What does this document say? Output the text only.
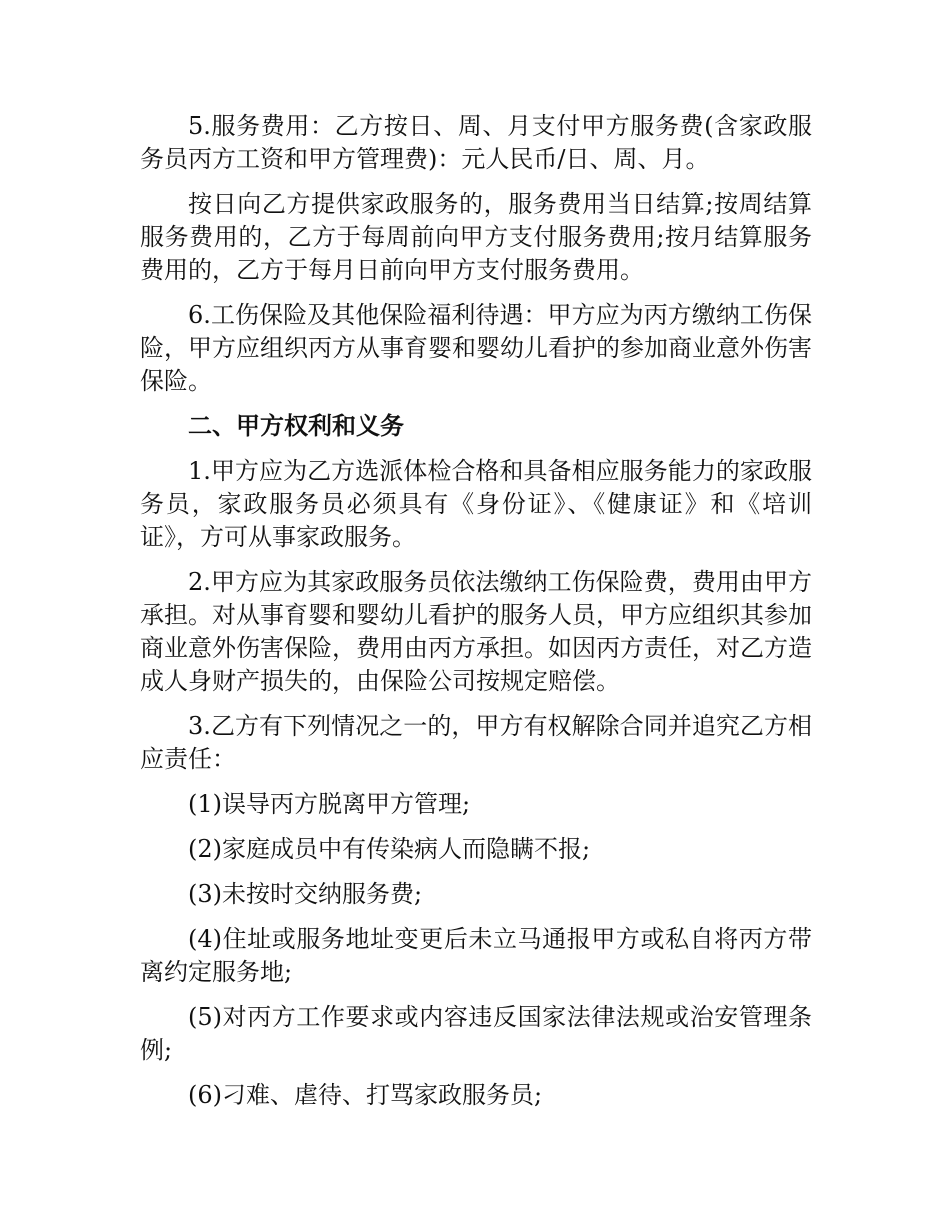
5.服务费用：乙方按日、周、月支付甲方服务费(含家政服务员丙方工资和甲方管理费)：元人民币/日、周、月。

按日向乙方提供家政服务的，服务费用当日结算;按周结算服务费用的，乙方于每周前向甲方支付服务费用;按月结算服务费用的，乙方于每月日前向甲方支付服务费用。

6.工伤保险及其他保险福利待遇：甲方应为丙方缴纳工伤保险，甲方应组织丙方从事育婴和婴幼儿看护的参加商业意外伤害保险。

二、甲方权利和义务

1.甲方应为乙方选派体检合格和具备相应服务能力的家政服务员，家政服务员必须具有《身份证》、《健康证》和《培训证》，方可从事家政服务。

2.甲方应为其家政服务员依法缴纳工伤保险费，费用由甲方承担。对从事育婴和婴幼儿看护的服务人员，甲方应组织其参加商业意外伤害保险，费用由丙方承担。如因丙方责任，对乙方造成人身财产损失的，由保险公司按规定赔偿。

3.乙方有下列情况之一的，甲方有权解除合同并追究乙方相应责任：

(1)误导丙方脱离甲方管理;

(2)家庭成员中有传染病人而隐瞒不报;

(3)未按时交纳服务费;

(4)住址或服务地址变更后未立马通报甲方或私自将丙方带离约定服务地;

(5)对丙方工作要求或内容违反国家法律法规或治安管理条例;

(6)刁难、虐待、打骂家政服务员;
